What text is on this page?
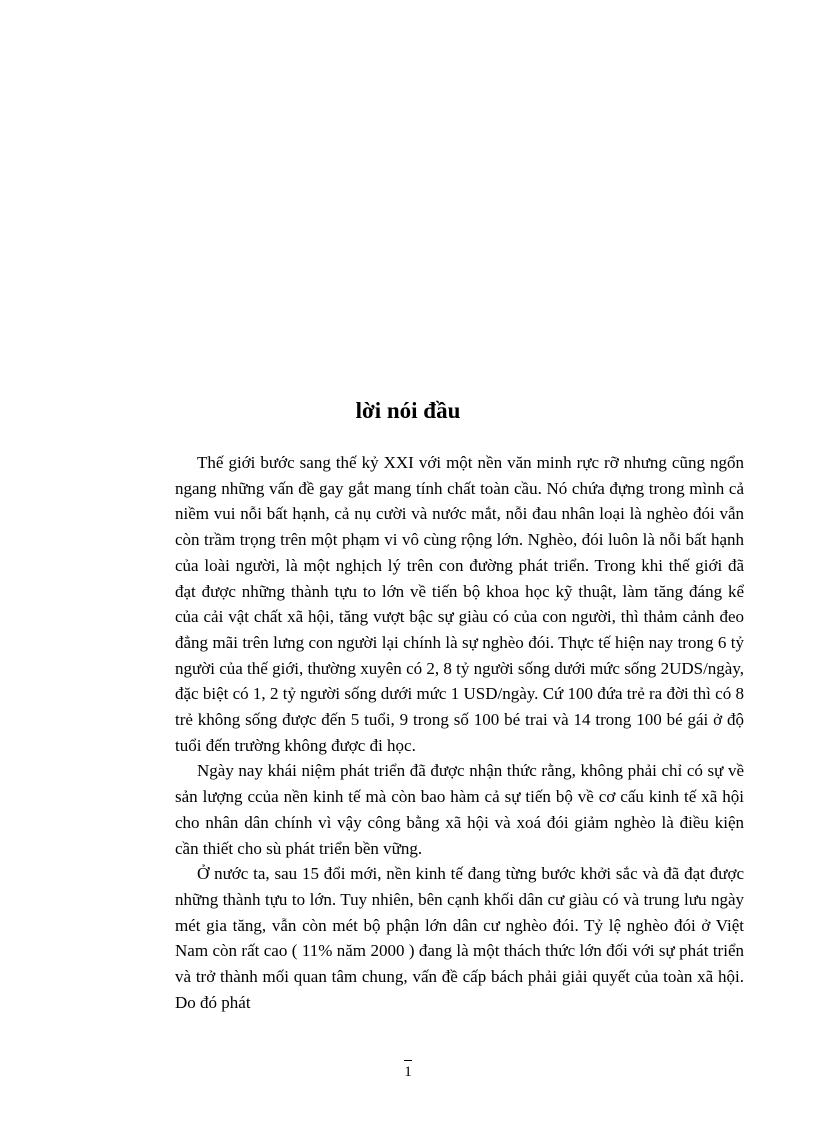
lời nói đầu

Thế giới bước sang thế kỷ XXI với một nền văn minh rực rỡ nhưng cũng ngổn ngang những vấn đề gay gắt mang tính chất toàn cầu. Nó chứa đựng trong mình cả niềm vui nỗi bất hạnh, cả nụ cười và nước mắt, nỗi đau nhân loại là nghèo đói vẫn còn trầm trọng trên một phạm vi vô cùng rộng lớn. Nghèo, đói luôn là nỗi bất hạnh của loài người, là một nghịch lý trên con đường phát triển. Trong khi thế giới đã đạt được những thành tựu to lớn về tiến bộ khoa học kỹ thuật, làm tăng đáng kể của cải vật chất xã hội, tăng vượt bậc sự giàu có của con người, thì thảm cảnh đeo đẳng mãi trên lưng con người lại chính là sự nghèo đói. Thực tế hiện nay trong 6 tỷ người của thế giới, thường xuyên có 2, 8 tỷ người sống dưới mức sống 2UDS/ngày, đặc biệt có 1, 2 tỷ người sống dưới mức 1 USD/ngày. Cứ 100 đứa trẻ ra đời thì có 8 trẻ không sống được đến 5 tuổi, 9 trong số 100 bé trai và 14 trong 100 bé gái ở độ tuổi đến trường không được đi học.

Ngày nay khái niệm phát triển đã được nhận thức rằng, không phải chỉ có sự về sản lượng ccủa nền kinh tế mà còn bao hàm cả sự tiến bộ về cơ cấu kinh tế xã hội cho nhân dân chính vì vậy công bằng xã hội và xoá đói giảm nghèo là điều kiện cần thiết cho sù phát triển bền vững.

Ở nước ta, sau 15 đổi mới, nền kinh tế đang từng bước khởi sắc và đã đạt được những thành tựu to lớn. Tuy nhiên, bên cạnh khối dân cư giàu có và trung lưu ngày mét gia tăng, vẫn còn mét bộ phận lớn dân cư nghèo đói. Tỷ lệ nghèo đói ở Việt Nam còn rất cao ( 11% năm 2000 ) đang là một thách thức lớn đối với sự phát triển và trở thành mối quan tâm chung, vấn đề cấp bách phải giải quyết của toàn xã hội. Do đó phát

1
